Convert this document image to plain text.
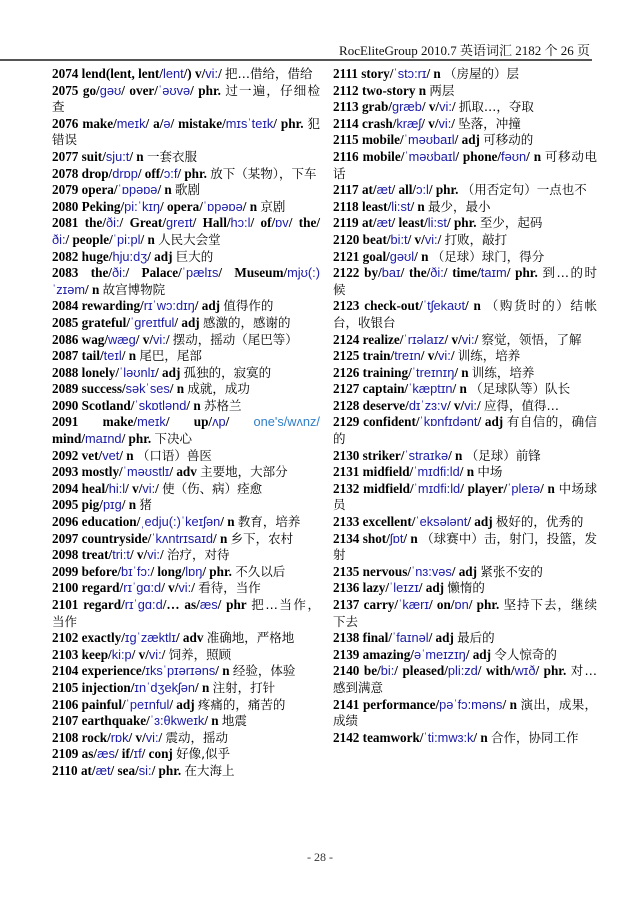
RocEliteGroup 2010.7 英语词汇 2182 个 26 页

2074 lend(lent, lent/lent/) v/vi:/ 把…借给，借给

2075 go/gəʊ/ over/ˈəʊvə/ phr. 过一遍，仔细检查

2076 make/meɪk/ a/ə/ mistake/mɪsˈteɪk/ phr. 犯错误

2077 suit/sju:t/ n 一套衣服

2078 drop/drɒp/ off/ɔ:f/ phr. 放下（某物），下车

2079 opera/ˈɒpəɒə/ n 歌剧

2080 Peking/pi:ˈkɪŋ/ opera/ˈɒpəɒə/ n 京剧

2081 the/ði:/ Great/greɪt/ Hall/hɔ:l/ of/ɒv/ the/ði:/ people/ˈpi:pl/ n 人民大会堂

2082 huge/hju:dʒ/ adj 巨大的

2083 the/ði:/ Palace/ˈpælɪs/ Museum/mjʊ(:)ˈzɪəm/ n 故宫博物院

2084 rewarding/rɪˈwɔ:dɪŋ/ adj 值得作的

2085 grateful/ˈgreɪtful/ adj 感激的，感谢的

2086 wag/wæg/ v/vi:/ 摆动，摇动（尾巴等）

2087 tail/teɪl/ n 尾巴，尾部

2088 lonely/ˈləʊnlɪ/ adj 孤独的，寂寞的

2089 success/səkˈses/ n 成就，成功

2090 Scotland/ˈskɒtlənd/ n 苏格兰

2091 make/meɪk/ up/ʌp/ one's/wʌnz/ mind/maɪnd/ phr. 下决心

2092 vet/vet/ n （口语）兽医

2093 mostly/ˈməʊstlɪ/ adv 主要地，大部分

2094 heal/hi:l/ v/vi:/ 使（伤、病）痊愈

2095 pig/pɪg/ n 猪

2096 education/ˌedju(:)ˈkeɪʃən/ n 教育，培养

2097 countryside/ˈkʌntrɪsaɪd/ n 乡下，农村

2098 treat/tri:t/ v/vi:/ 治疗，对待

2099 before/bɪˈfɔ:/ long/lɒŋ/ phr. 不久以后

2100 regard/rɪˈgɑ:d/ v/vi:/ 看待，当作

2101 regard/rɪˈgɑ:d/… as/æs/ phr 把…当作，当作

2102 exactly/ɪgˈzæktlɪ/ adv 准确地，严格地

2103 keep/ki:p/ v/vi:/ 饲养，照顾

2104 experience/ɪksˈpɪərɪəns/ n 经验，体验

2105 injection/ɪnˈdʒekʃən/ n 注射，打针

2106 painful/ˈpeɪnful/ adj 疼痛的，痛苦的

2107 earthquake/ˈɜ:θkweɪk/ n 地震

2108 rock/rɒk/ v/vi:/ 震动，摇动

2109 as/æs/ if/ɪf/ conj 好像,似乎

2110 at/æt/ sea/si:/ phr. 在大海上

2111 story/ˈstɔ:rɪ/ n （房屋的）层

2112 two-story n 两层

2113 grab/græb/ v/vi:/ 抓取…，夺取

2114 crash/kræʃ/ v/vi:/ 坠落，冲撞

2115 mobile/ˈməʊbaɪl/ adj 可移动的

2116 mobile/ˈməʊbaɪl/ phone/fəʊn/ n 可移动电话

2117 at/æt/ all/ɔ:l/ phr. （用否定句）一点也不

2118 least/li:st/ n 最少，最小

2119 at/æt/ least/li:st/ phr. 至少，起码

2120 beat/bi:t/ v/vi:/ 打败，敲打

2121 goal/gəʊl/ n （足球）球门，得分

2122 by/baɪ/ the/ði:/ time/taɪm/ phr. 到…的时候

2123 check-out/ˈtʃekaʊt/ n （购货时的）结帐台，收银台

2124 realize/ˈrɪəlaɪz/ v/vi:/ 察觉，领悟，了解

2125 train/treɪn/ v/vi:/ 训练，培养

2126 training/ˈtreɪnɪŋ/ n 训练，培养

2127 captain/ˈkæptɪn/ n （足球队等）队长

2128 deserve/dɪˈzɜ:v/ v/vi:/ 应得，值得…

2129 confident/ˈkɒnfɪdənt/ adj 有自信的，确信的

2130 striker/ˈstraɪkə/ n （足球）前锋

2131 midfield/ˈmɪdfi:ld/ n 中场

2132 midfield/ˈmɪdfi:ld/ player/ˈpleɪə/ n 中场球员

2133 excellent/ˈeksələnt/ adj 极好的，优秀的

2134 shot/ʃɒt/ n （球赛中）击，射门，投篮，发射

2135 nervous/ˈnɜ:vəs/ adj 紧张不安的

2136 lazy/ˈleɪzɪ/ adj 懒惰的

2137 carry/ˈkærɪ/ on/ɒn/ phr. 坚持下去，继续下去

2138 final/ˈfaɪnəl/ adj 最后的

2139 amazing/əˈmeɪzɪŋ/ adj 令人惊奇的

2140 be/bi:/ pleased/pli:zd/ with/wɪð/ phr. 对…感到满意

2141 performance/pəˈfɔ:məns/ n 演出，成果，成绩

2142 teamwork/ˈti:mwɜ:k/ n 合作，协同工作

- 28 -
